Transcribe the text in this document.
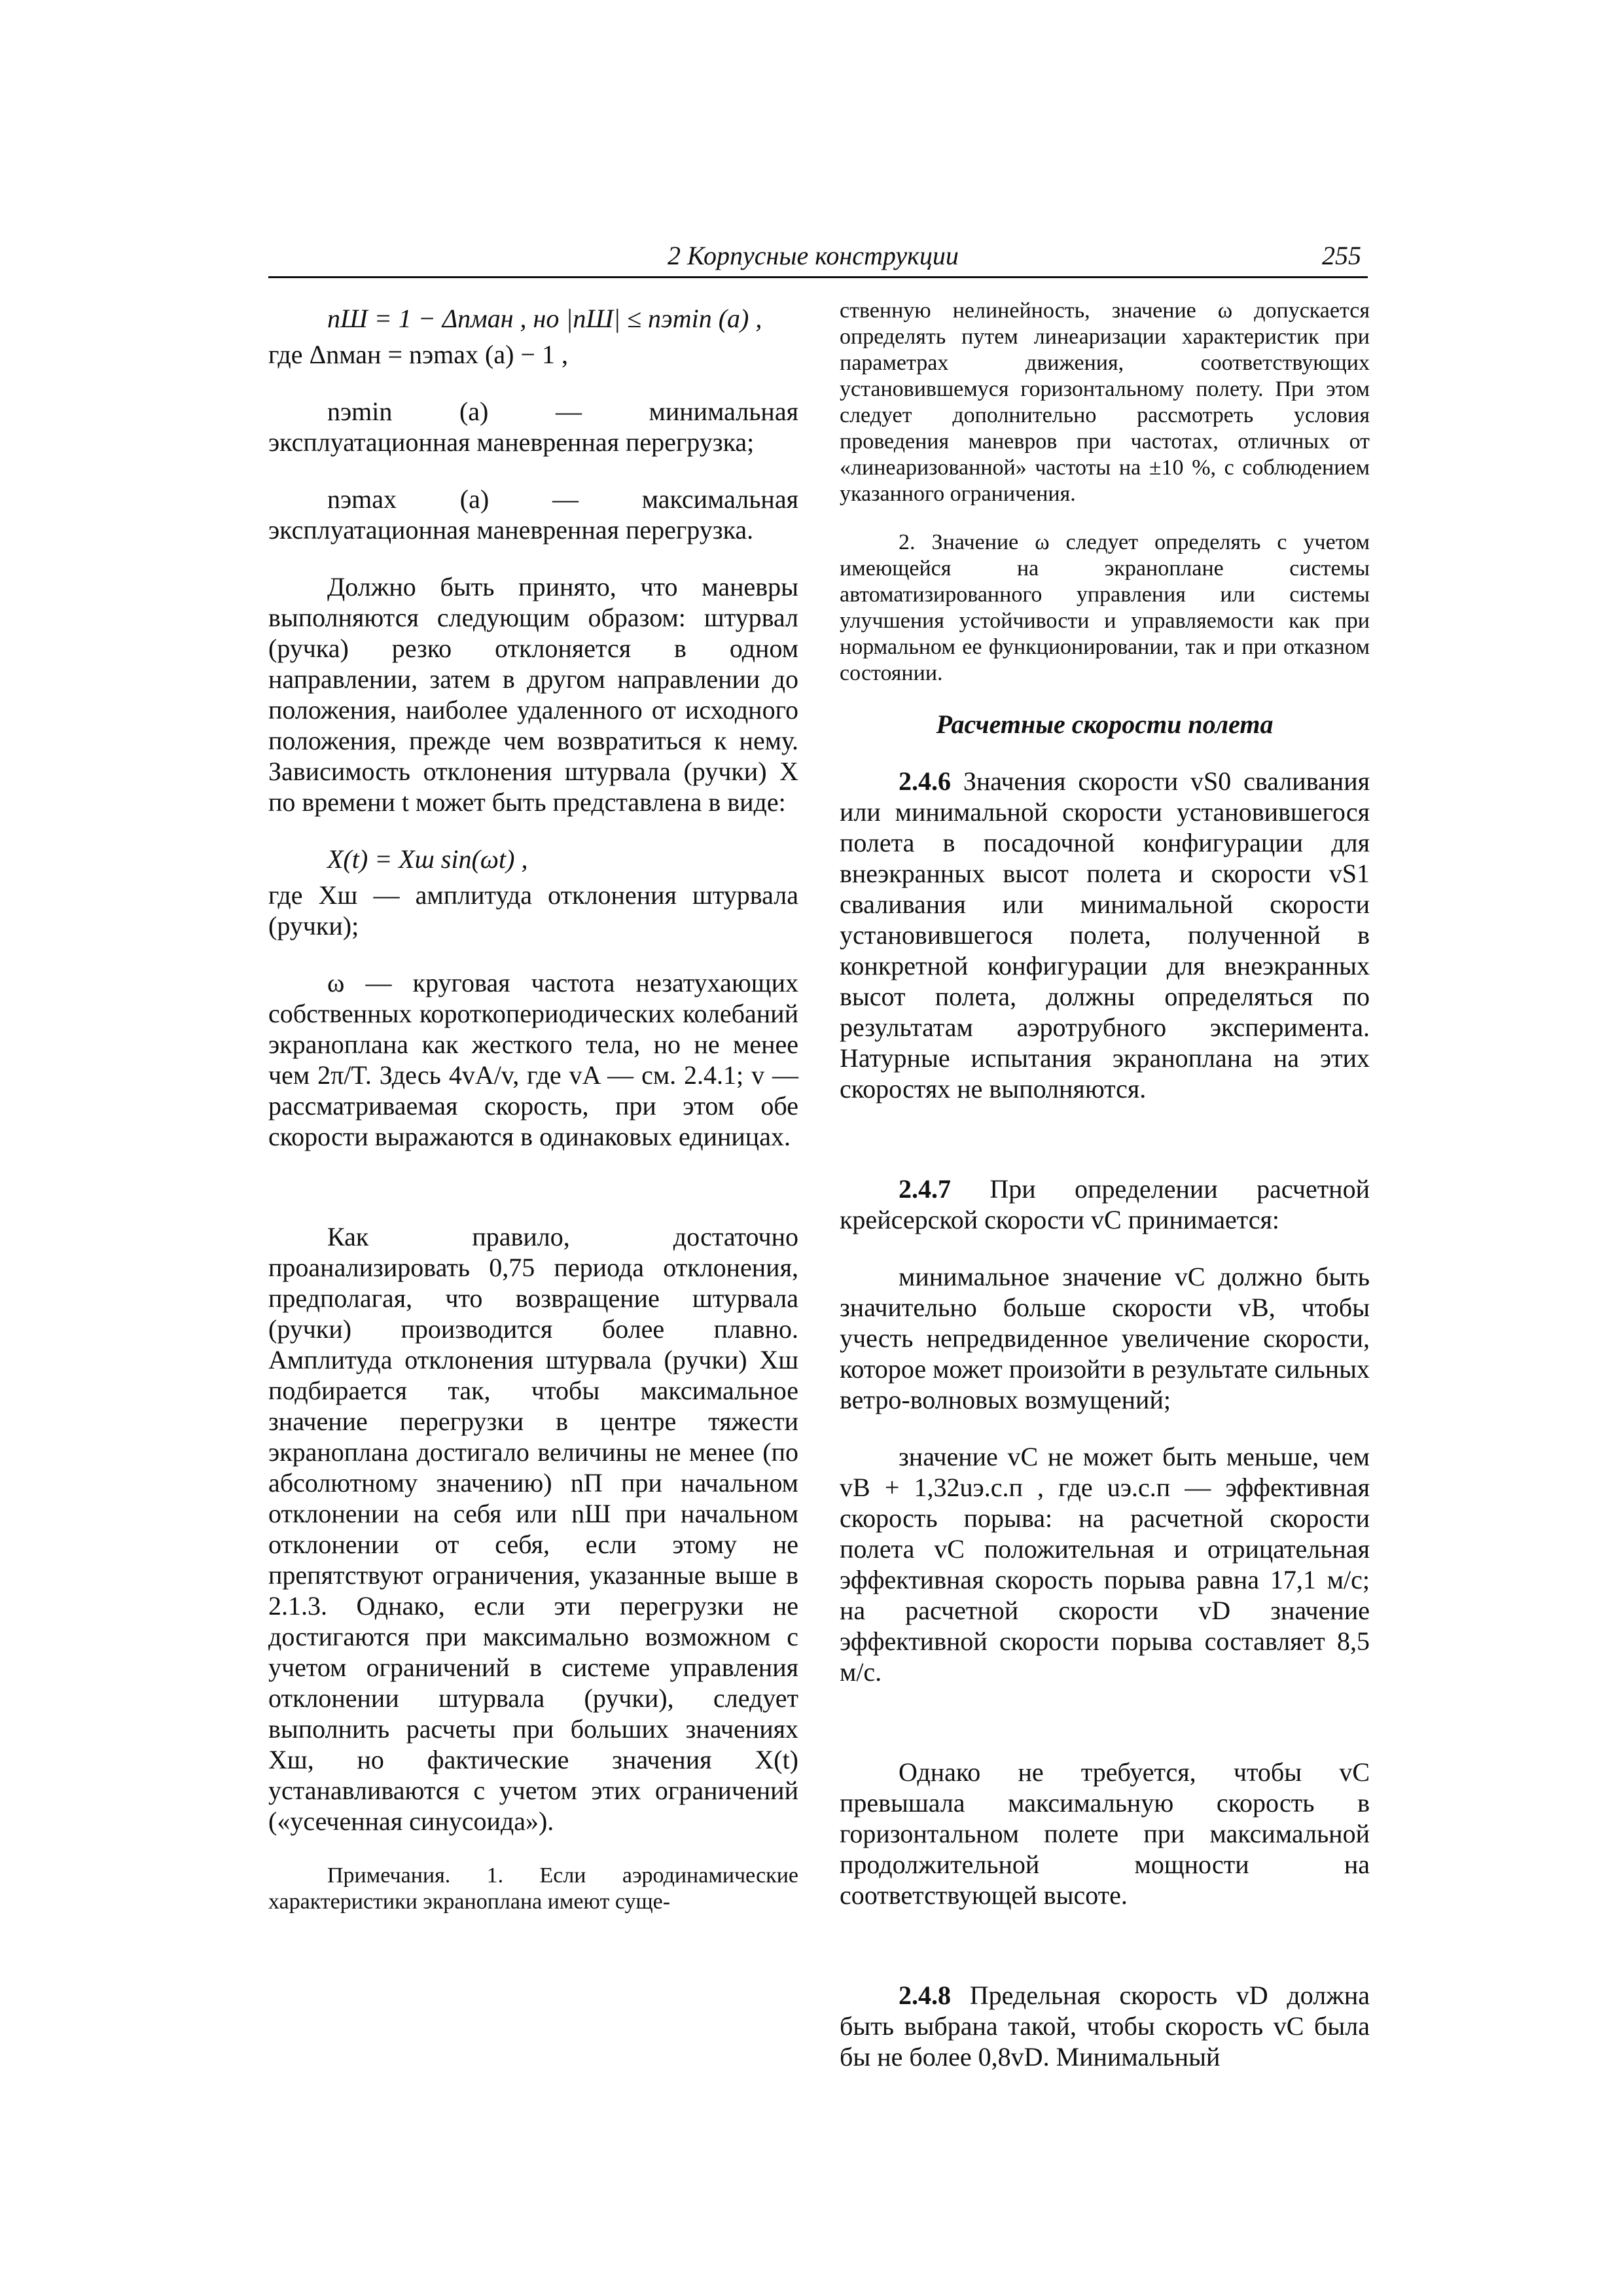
2 Корпусные конструкции	255

nШ = 1 − Δnман , но |nШ| ≤ nэmin (a) ,

где Δnман = nэmax (a) − 1 ,

nэmin (a) — минимальная эксплуатационная маневренная перегрузка;

nэmax (a) — максимальная эксплуатационная маневренная перегрузка.

Должно быть принято, что маневры выполняются следующим образом: штурвал (ручка) резко отклоняется в одном направлении, затем в другом направлении до положения, наиболее удаленного от исходного положения, прежде чем возвратиться к нему. Зависимость отклонения штурвала (ручки) X по времени t может быть представлена в виде:

X(t) = Xш sin(ωt) ,

где Xш — амплитуда отклонения штурвала (ручки);

ω — круговая частота незатухающих собственных короткопериодических колебаний экраноплана как жесткого тела, но не менее чем 2π/T. Здесь 4vA/v, где vA — см. 2.4.1; v — рассматриваемая скорость, при этом обе скорости выражаются в одинаковых единицах.

Как правило, достаточно проанализировать 0,75 периода отклонения, предполагая, что возвращение штурвала (ручки) производится более плавно. Амплитуда отклонения штурвала (ручки) Xш подбирается так, чтобы максимальное значение перегрузки в центре тяжести экраноплана достигало величины не менее (по абсолютному значению) nП при начальном отклонении на себя или nШ при начальном отклонении от себя, если этому не препятствуют ограничения, указанные выше в 2.1.3. Однако, если эти перегрузки не достигаются при максимально возможном с учетом ограничений в системе управления отклонении штурвала (ручки), следует выполнить расчеты при больших значениях Xш, но фактические значения X(t) устанавливаются с учетом этих ограничений («усеченная синусоида»).

Примечания. 1. Если аэродинамические характеристики экраноплана имеют суще-

ственную нелинейность, значение ω допускается определять путем линеаризации характеристик при параметрах движения, соответствующих установившемуся горизонтальному полету. При этом следует дополнительно рассмотреть условия проведения маневров при частотах, отличных от «линеаризованной» частоты на ±10 %, с соблюдением указанного ограничения.

2. Значение ω следует определять с учетом имеющейся на экраноплане системы автоматизированного управления или системы улучшения устойчивости и управляемости как при нормальном ее функционировании, так и при отказном состоянии.

Расчетные скорости полета

2.4.6 Значения скорости vS0 сваливания или минимальной скорости установившегося полета в посадочной конфигурации для внеэкранных высот полета и скорости vS1 сваливания или минимальной скорости установившегося полета, полученной в конкретной конфигурации для внеэкранных высот полета, должны определяться по результатам аэротрубного эксперимента. Натурные испытания экраноплана на этих скоростях не выполняются.

2.4.7 При определении расчетной крейсерской скорости vC принимается:

минимальное значение vC должно быть значительно больше скорости vB, чтобы учесть непредвиденное увеличение скорости, которое может произойти в результате сильных ветро-волновых возмущений;

значение vC не может быть меньше, чем vB + 1,32uэ.с.п , где uэ.с.п — эффективная скорость порыва: на расчетной скорости полета vC положительная и отрицательная эффективная скорость порыва равна 17,1 м/с; на расчетной скорости vD значение эффективной скорости порыва составляет 8,5 м/с.

Однако не требуется, чтобы vC превышала максимальную скорость в горизонтальном полете при максимальной продолжительной мощности на соответствующей высоте.

2.4.8 Предельная скорость vD должна быть выбрана такой, чтобы скорость vC была бы не более 0,8vD. Минимальный
